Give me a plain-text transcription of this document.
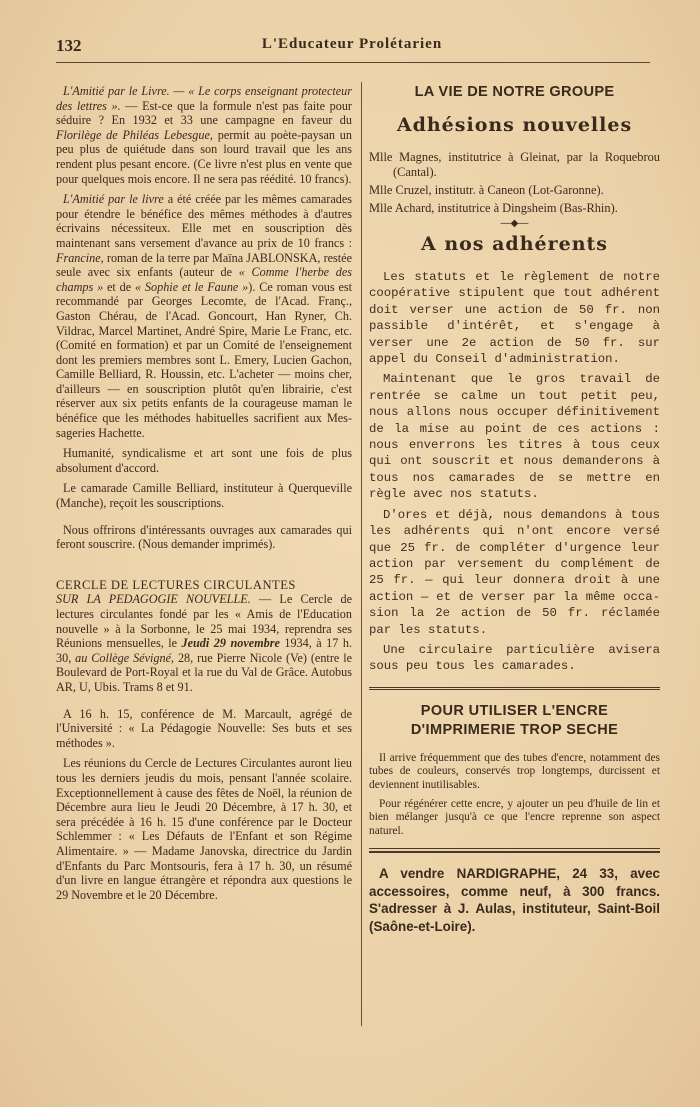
132	L'Educateur Prolétarien

L'Amitié par le Livre. — « Le corps enseignant protecteur des lettres ». — Est-ce que la formule n'est pas faite pour séduire ? En 1932 et 33 une campagne en faveur du Florilège de Philéas Lebesgue, permit au poète-paysan un peu plus de quiétude dans son lourd travail que les ans rendent plus pesant encore. (Ce livre n'est plus en vente que pour quelques mois encore. Il ne sera pas réédité. 10 francs).

L'Amitié par le livre a été créée par les mêmes camarades pour étendre le bénéfice des mêmes méthodes à d'autres écrivains nécessiteux. Elle met en souscription dès maintenant sans versement d'avance au prix de 10 francs : Francine, roman de la terre par Maïna JABLONSKA, restée seule avec six enfants (auteur de « Comme l'herbe des champs » et de « Sophie et le Faune »). Ce roman vous est recommandé par Georges Lecomte, de l'Acad. Franç., Gaston Chérau, de l'Acad. Goncourt, Han Ryner, Ch. Vildrac, Marcel Martinet, André Spire, Marie Le Franc, etc. (Comité en formation) et par un Comité de l'enseignement dont les premiers membres sont L. Emery, Lucien Gachon, Camille Belliard, R. Houssin, etc. L'acheter — moins cher, d'ailleurs — en souscription plutôt qu'en librairie, c'est réserver aux six petits enfants de la courageuse maman le bénéfice que les méthodes habituelles sacrifient aux Messageries Hachette.

Humanité, syndicalisme et art sont une fois de plus absolument d'accord.

Le camarade Camille Belliard, instituteur à Querqueville (Manche), reçoit les souscriptions.

Nous offrirons d'intéressants ouvrages aux camarades qui feront souscrire. (Nous demander imprimés).

CERCLE DE LECTURES CIRCULANTES

SUR LA PEDAGOGIE NOUVELLE. — Le Cercle de lectures circulantes fondé par les « Amis de l'Education nouvelle » à la Sorbonne, le 25 mai 1934, reprendra ses Réunions mensuelles, le Jeudi 29 novembre 1934, à 17 h. 30, au Collège Sévigné, 28, rue Pierre Nicole (Ve) (entre le Boulevard de Port-Royal et la rue du Val de Grâce. Autobus AR, U, Ubis. Trams 8 et 91.

A 16 h. 15, conférence de M. Marcault, agrégé de l'Université : « La Pédagogie Nouvelle: Ses buts et ses méthodes ».

Les réunions du Cercle de Lectures Circulantes auront lieu tous les derniers jeudis du mois, pensant l'année scolaire. Exceptionnellement à cause des fêtes de Noël, la réunion de Décembre aura lieu le Jeudi 20 Décembre, à 17 h. 30, et sera précédée à 16 h. 15 d'une conférence par le Docteur Schlemmer : « Les Défauts de l'Enfant et son Régime Alimentaire. » — Madame Janovska, directrice du Jardin d'Enfants du Parc Montsouris, fera à 17 h. 30, un résumé d'un livre en langue étrangère et répondra aux questions le 29 Novembre et le 20 Décembre.

LA VIE DE NOTRE GROUPE
Adhésions nouvelles

Mlle Magnes, institutrice à Gleinat, par la Roquebrou (Cantal).

Mlle Cruzel, institutr. à Caneon (Lot-Garonne).

Mlle Achard, institutrice à Dingsheim (Bas-Rhin).

—◆—

A nos adhérents

Les statuts et le règlement de notre coopérative stipulent que tout adhérent doit verser une action de 50 fr. non passible d'intérêt, et s'engage à verser une 2e action de 50 fr. sur appel du Conseil d'administration.

Maintenant que le gros travail de rentrée se calme un tout petit peu, nous allons nous occuper définitivement de la mise au point de ces actions : nous enverrons les titres à tous ceux qui ont souscrit et nous demanderons à tous nos camarades de se mettre en règle avec nos statuts.

D'ores et déjà, nous demandons à tous les adhérents qui n'ont encore versé que 25 fr. de compléter d'urgence leur action par versement du complément de 25 fr. — qui leur donnera droit à une action — et de verser par la même occasion la 2e action de 50 fr. réclamée par les statuts.

Une circulaire particulière avisera sous peu tous les camarades.

POUR UTILISER L'ENCRE
D'IMPRIMERIE TROP SECHE

Il arrive fréquemment que des tubes d'encre, notamment des tubes de couleurs, conservés trop longtemps, durcissent et deviennent inutilisables.

Pour régénérer cette encre, y ajouter un peu d'huile de lin et bien mélanger jusqu'à ce que l'encre reprenne son aspect naturel.

A vendre NARDIGRAPHE, 24 33, avec accessoires, comme neuf, à 300 francs. S'adresser à J. Aulas, instituteur, Saint-Boil (Saône-et-Loire).
